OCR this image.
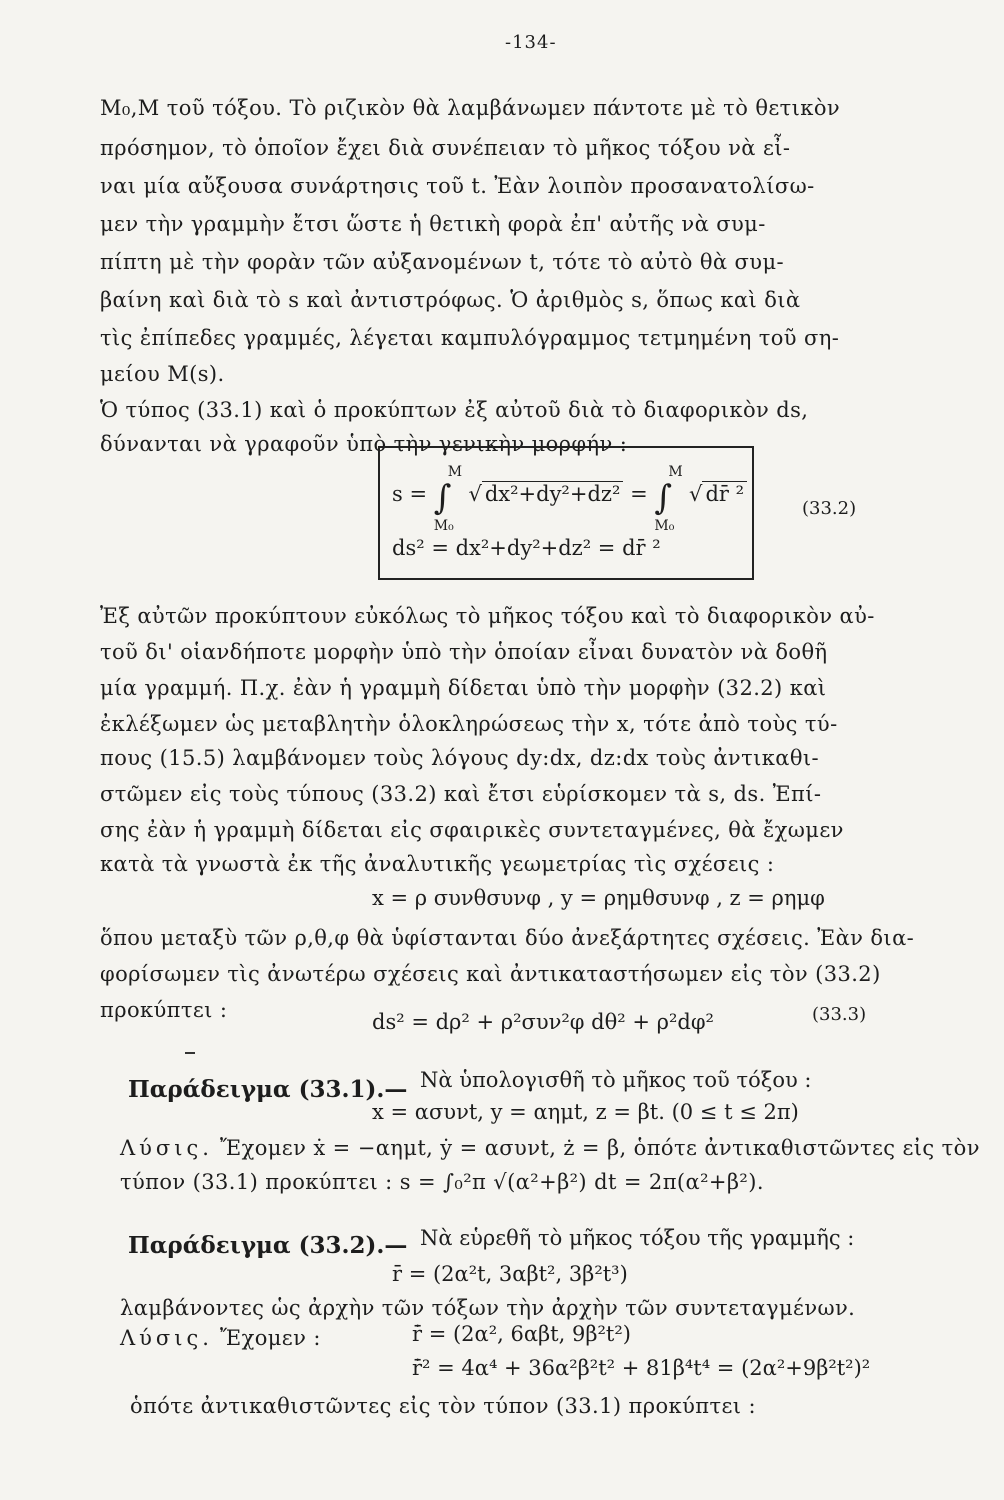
-134-
M₀,M τοῦ τόξου. Τὸ ριζικὸν θὰ λαμβάνωμεν πάντοτε μὲ τὸ θετικὸν
πρόσημον, τὸ ὁποῖον ἔχει διὰ συνέπειαν τὸ μῆκος τόξου νὰ εἶ-
ναι μία αὔξουσα συνάρτησις τοῦ t. Ἐὰν λοιπὸν προσανατολίσω-
μεν τὴν γραμμὴν ἔτσι ὥστε ἡ θετικὴ φορὰ ἐπ' αὐτῆς νὰ συμ-
πίπτη μὲ τὴν φορὰν τῶν αὐξανομένων t, τότε τὸ αὐτὸ θὰ συμ-
βαίνη καὶ διὰ τὸ s καὶ ἀντιστρόφως. Ὁ ἀριθμὸς s, ὅπως καὶ διὰ
τὶς ἐπίπεδες γραμμές, λέγεται καμπυλόγραμμος τετμημένη τοῦ ση-
μείου M(s).
Ὁ τύπος (33.1) καὶ ὁ προκύπτων ἐξ αὐτοῦ διὰ τὸ διαφορικὸν ds,
δύνανται νὰ γραφοῦν ὑπὸ τὴν γενικὴν μορφήν :
s = ∫
M
M₀
√ dx²+dy²+dz² = ∫
M
M₀
√ dr̄ ²
ds² = dx²+dy²+dz² = dr̄ ²
(33.2)
Ἐξ αὐτῶν προκύπτουν εὐκόλως τὸ μῆκος τόξου καὶ τὸ διαφορικὸν αὐ-
τοῦ δι' οἱανδήποτε μορφὴν ὑπὸ τὴν ὁποίαν εἶναι δυνατὸν νὰ δοθῆ
μία γραμμή. Π.χ. ἐὰν ἡ γραμμὴ δίδεται ὑπὸ τὴν μορφὴν (32.2) καὶ
ἐκλέξωμεν ὡς μεταβλητὴν ὁλοκληρώσεως τὴν x, τότε ἀπὸ τοὺς τύ-
πους (15.5) λαμβάνομεν τοὺς λόγους dy:dx, dz:dx τοὺς ἀντικαθι-
στῶμεν εἰς τοὺς τύπους (33.2) καὶ ἔτσι εὑρίσκομεν τὰ s, ds. Ἐπί-
σης ἐὰν ἡ γραμμὴ δίδεται εἰς σφαιρικὲς συντεταγμένες, θὰ ἔχωμεν
κατὰ τὰ γνωστὰ ἐκ τῆς ἀναλυτικῆς γεωμετρίας τὶς σχέσεις :
x = ρ συνθσυνφ , y = ρημθσυνφ , z = ρημφ
ὅπου μεταξὺ τῶν ρ,θ,φ θὰ ὑφίστανται δύο ἀνεξάρτητες σχέσεις. Ἐὰν δια-
φορίσωμεν τὶς ἀνωτέρω σχέσεις καὶ ἀντικαταστήσωμεν εἰς τὸν (33.2)
προκύπτει :	ds² = dρ² + ρ²συν²φ dθ² + ρ²dφ²	(33.3)
Παράδειγμα (33.1).— Νὰ ὑπολογισθῆ τὸ μῆκος τοῦ τόξου :
x = ασυνt, y = αημt, z = βt. (0 ≤ t ≤ 2π)
Λύσις. Ἔχομεν ẋ = −αημt, ẏ = ασυνt, ż = β, ὁπότε ἀντικαθιστῶντες εἰς τὸν
τύπον (33.1) προκύπτει : s = ∫₀²π √(α²+β²) dt = 2π(α²+β²).
Παράδειγμα (33.2).— Νὰ εὑρεθῆ τὸ μῆκος τόξου τῆς γραμμῆς :
r̄ = (2α²t, 3αβt², 3β²t³)
λαμβάνοντες ὡς ἀρχὴν τῶν τόξων τὴν ἀρχὴν τῶν συντεταγμένων.
Λύσις. Ἔχομεν :	r̄̇ = (2α², 6αβt, 9β²t²)
r̄̇² = 4α⁴ + 36α²β²t² + 81β⁴t⁴ = (2α²+9β²t²)²
ὁπότε ἀντικαθιστῶντες εἰς τὸν τύπον (33.1) προκύπτει :
